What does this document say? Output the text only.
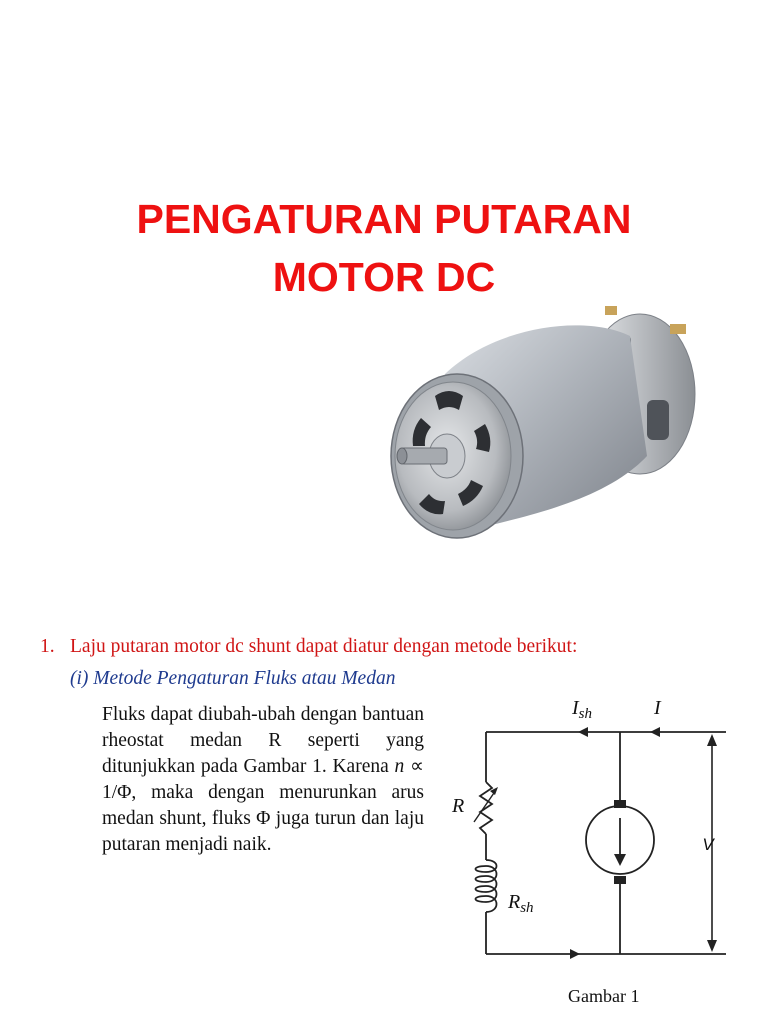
PENGATURAN PUTARAN
MOTOR DC
1. Laju putaran motor dc shunt dapat diatur dengan metode berikut:
(i) Metode Pengaturan Fluks atau Medan
Fluks dapat diubah-ubah dengan bantuan rheostat medan R seperti yang ditunjukkan pada Gambar 1. Karena n ∝ 1/Φ, maka dengan menurunkan arus medan shunt, fluks Φ juga turun dan laju putaran menjadi naik.
$I_{sh}$	I
R
$R_{sh}$
V
Gambar 1
